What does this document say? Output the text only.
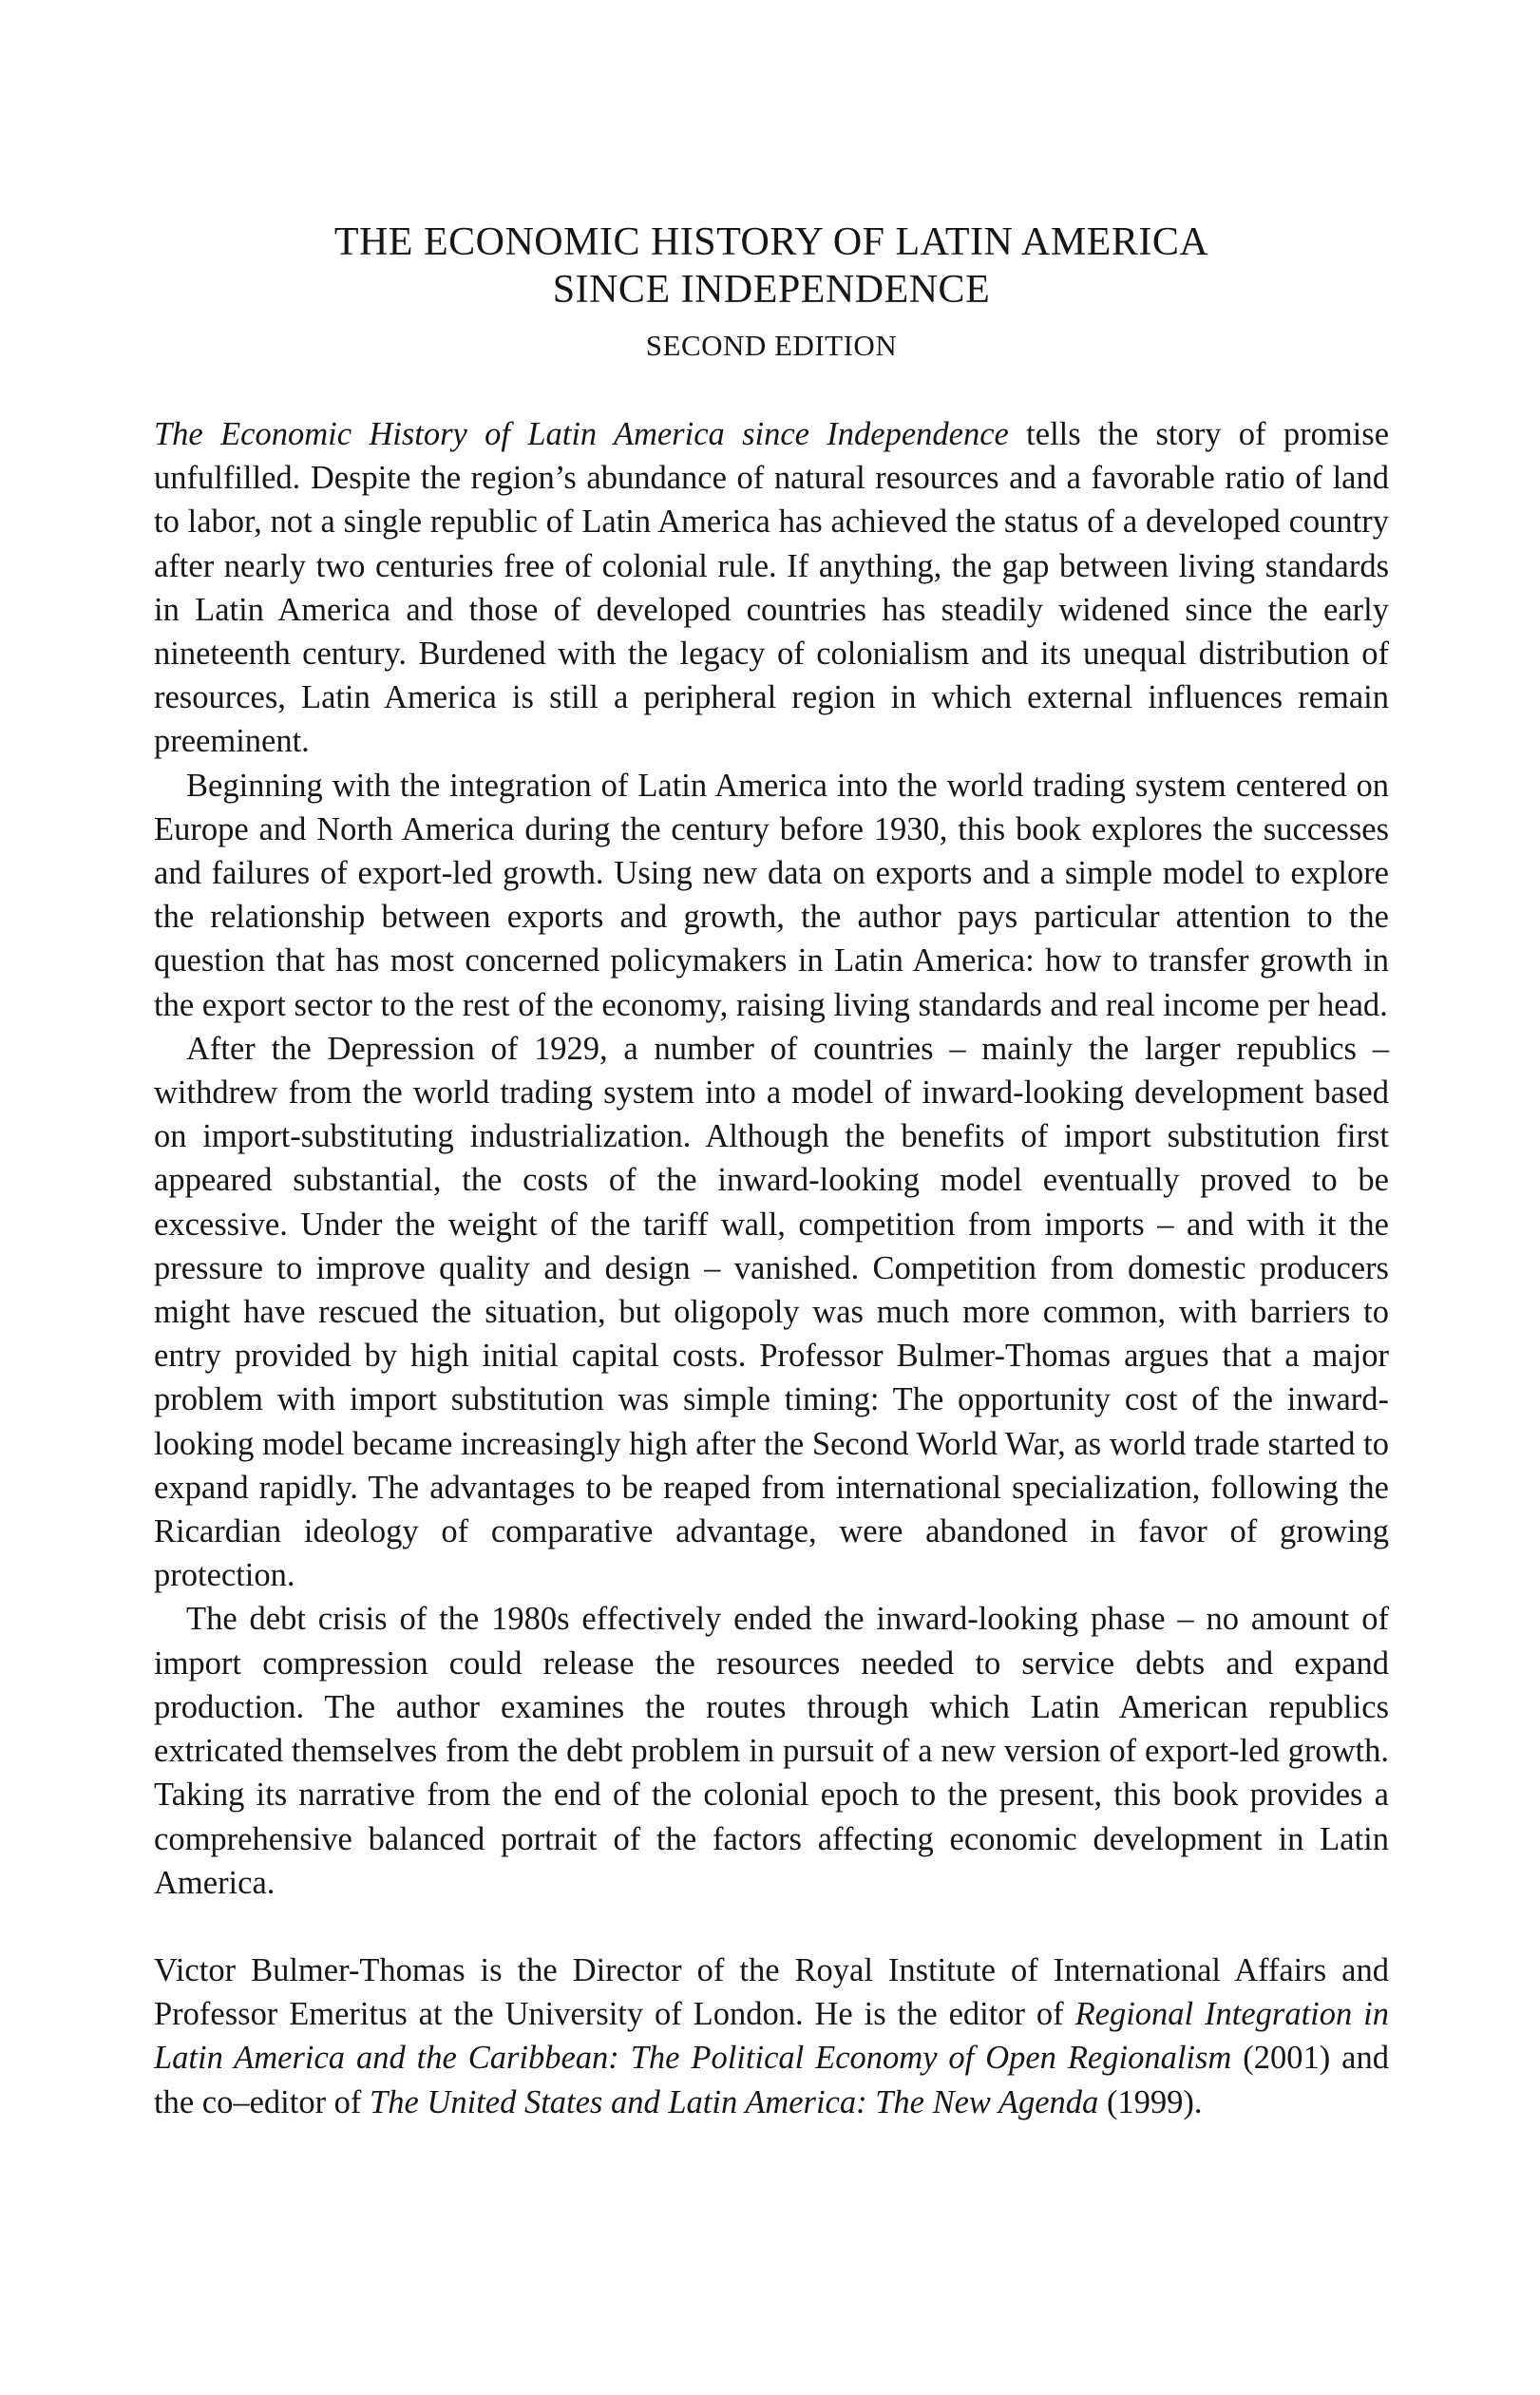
THE ECONOMIC HISTORY OF LATIN AMERICA
SINCE INDEPENDENCE
SECOND EDITION

The Economic History of Latin America since Independence tells the story of promise unfulfilled. Despite the region’s abundance of natural resources and a favorable ratio of land to labor, not a single republic of Latin America has achieved the status of a developed country after nearly two centuries free of colonial rule. If anything, the gap between living standards in Latin America and those of developed countries has steadily widened since the early nineteenth century. Burdened with the legacy of colonialism and its unequal distribution of resources, Latin America is still a peripheral region in which external influences remain preeminent.

Beginning with the integration of Latin America into the world trading system centered on Europe and North America during the century before 1930, this book explores the successes and failures of export-led growth. Using new data on exports and a simple model to explore the relationship between exports and growth, the author pays particular attention to the question that has most concerned policymakers in Latin America: how to transfer growth in the export sector to the rest of the economy, raising living standards and real income per head.

After the Depression of 1929, a number of countries – mainly the larger republics – withdrew from the world trading system into a model of inward-looking development based on import-substituting industrialization. Although the benefits of import substitution first appeared substantial, the costs of the inward-looking model eventually proved to be excessive. Under the weight of the tariff wall, competition from imports – and with it the pressure to improve quality and design – vanished. Competition from domestic producers might have rescued the situation, but oligopoly was much more common, with barriers to entry provided by high initial capital costs. Professor Bulmer-Thomas argues that a major problem with import substitution was simple timing: The opportunity cost of the inward-looking model became increasingly high after the Second World War, as world trade started to expand rapidly. The advantages to be reaped from international specialization, following the Ricardian ideology of comparative advantage, were abandoned in favor of growing protection.

The debt crisis of the 1980s effectively ended the inward-looking phase – no amount of import compression could release the resources needed to service debts and expand production. The author examines the routes through which Latin American republics extricated themselves from the debt problem in pursuit of a new version of export-led growth. Taking its narrative from the end of the colonial epoch to the present, this book provides a comprehensive balanced portrait of the factors affecting economic development in Latin America.

Victor Bulmer-Thomas is the Director of the Royal Institute of International Affairs and Professor Emeritus at the University of London. He is the editor of Regional Integration in Latin America and the Caribbean: The Political Economy of Open Regionalism (2001) and the co–editor of The United States and Latin America: The New Agenda (1999).
